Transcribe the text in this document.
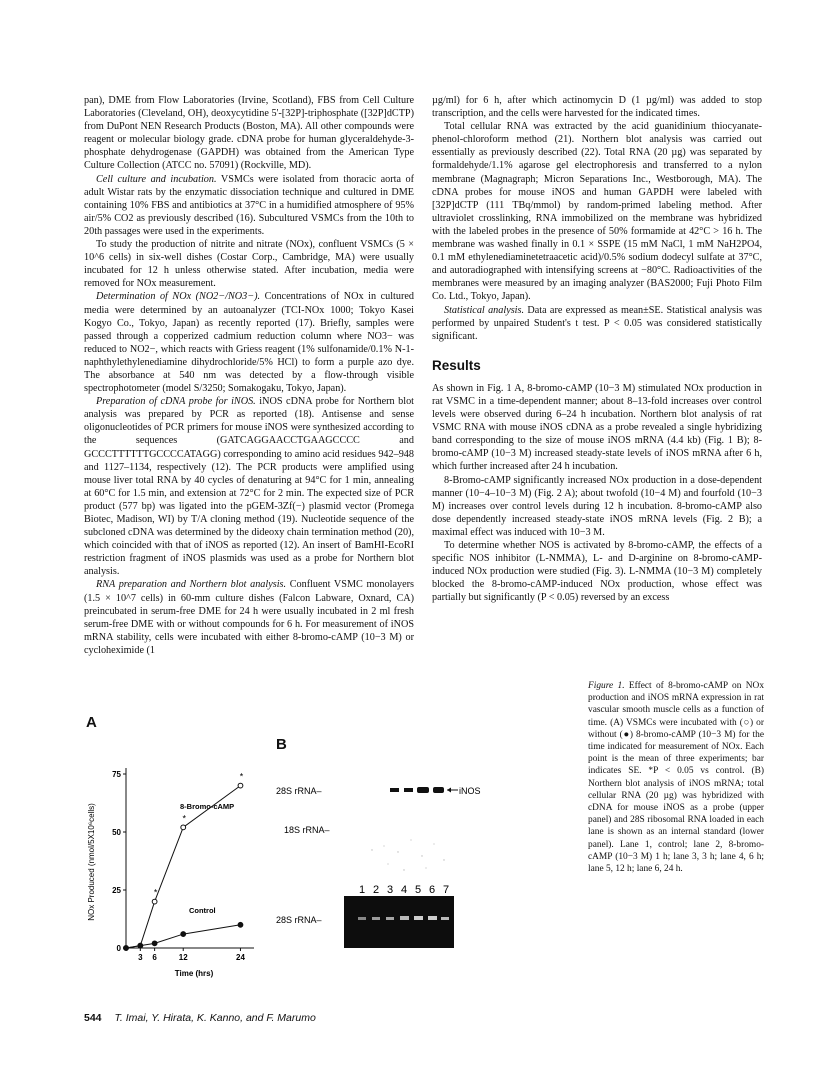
pan), DME from Flow Laboratories (Irvine, Scotland), FBS from Cell Culture Laboratories (Cleveland, OH), deoxycytidine 5'-[32P]-triphosphate ([32P]dCTP) from DuPont NEN Research Products (Boston, MA). All other compounds were reagent or molecular biology grade. cDNA probe for human glyceraldehyde-3-phosphate dehydrogenase (GAPDH) was obtained from the American Type Culture Collection (ATCC no. 57091) (Rockville, MD).

Cell culture and incubation. VSMCs were isolated from thoracic aorta of adult Wistar rats by the enzymatic dissociation technique and cultured in DME containing 10% FBS and antibiotics at 37°C in a humidified atmosphere of 95% air/5% CO2 as previously described (16). Subcultured VSMCs from the 10th to 20th passages were used in the experiments.

To study the production of nitrite and nitrate (NOx), confluent VSMCs (5 × 10^6 cells) in six-well dishes (Costar Corp., Cambridge, MA) were usually incubated for 12 h unless otherwise stated. After incubation, media were removed for NOx measurement.

Determination of NOx (NO2−/NO3−). Concentrations of NOx in cultured media were determined by an autoanalyzer (TCI-NOx 1000; Tokyo Kasei Kogyo Co., Tokyo, Japan) as recently reported (17). Briefly, samples were passed through a copperized cadmium reduction column where NO3− was reduced to NO2−, which reacts with Griess reagent (1% sulfonamide/0.1% N-1-naphthylethylenediamine dihydrochloride/5% HCl) to form a purple azo dye. The absorbance at 540 nm was detected by a flow-through visible spectrophotometer (model S/3250; Somakogaku, Tokyo, Japan).

Preparation of cDNA probe for iNOS. iNOS cDNA probe for Northern blot analysis was prepared by PCR as reported (18). Antisense and sense oligonucleotides of PCR primers for mouse iNOS were synthesized according to the sequences (GATCAGGAACCTGAAGCCCC and GCCCTTTTTTGCCCCATAGG) corresponding to amino acid residues 942–948 and 1127–1134, respectively (12). The PCR products were amplified using mouse liver total RNA by 40 cycles of denaturing at 94°C for 1 min, annealing at 60°C for 1.5 min, and extension at 72°C for 2 min. The expected size of PCR product (577 bp) was ligated into the pGEM-3Zf(−) plasmid vector (Promega Biotec, Madison, WI) by T/A cloning method (19). Nucleotide sequence of the subcloned cDNA was determined by the dideoxy chain termination method (20), which coincided with that of iNOS as reported (12). An insert of BamHI-EcoRI restriction fragment of iNOS plasmids was used as a probe for Northern blot analysis.

RNA preparation and Northern blot analysis. Confluent VSMC monolayers (1.5 × 10^7 cells) in 60-mm culture dishes (Falcon Labware, Oxnard, CA) preincubated in serum-free DME for 24 h were usually incubated in 2 ml fresh serum-free DME with or without compounds for 6 h. For measurement of iNOS mRNA stability, cells were incubated with either 8-bromo-cAMP (10−3 M) or cycloheximide (1

µg/ml) for 6 h, after which actinomycin D (1 µg/ml) was added to stop transcription, and the cells were harvested for the indicated times.

Total cellular RNA was extracted by the acid guanidinium thiocyanate-phenol-chloroform method (21). Northern blot analysis was carried out essentially as previously described (22). Total RNA (20 µg) was separated by formaldehyde/1.1% agarose gel electrophoresis and transferred to a nylon membrane (Magnagraph; Micron Separations Inc., Westborough, MA). The cDNA probes for mouse iNOS and human GAPDH were labeled with [32P]dCTP (111 TBq/mmol) by random-primed labeling method. After ultraviolet crosslinking, RNA immobilized on the membrane was hybridized with the labeled probes in the presence of 50% formamide at 42°C > 16 h. The membrane was washed finally in 0.1 × SSPE (15 mM NaCl, 1 mM NaH2PO4, 0.1 mM ethylenediaminetetraacetic acid)/0.5% sodium dodecyl sulfate at 37°C, and autoradiographed with intensifying screens at −80°C. Radioactivities of the membranes were measured by an imaging analyzer (BAS2000; Fuji Photo Film Co. Ltd., Tokyo, Japan).

Statistical analysis. Data are expressed as mean±SE. Statistical analysis was performed by unpaired Student's t test. P < 0.05 was considered statistically significant.

Results

As shown in Fig. 1 A, 8-bromo-cAMP (10−3 M) stimulated NOx production in rat VSMC in a time-dependent manner; about 8–13-fold increases over control levels were observed during 6–24 h incubation. Northern blot analysis of rat VSMC RNA with mouse iNOS cDNA as a probe revealed a single hybridizing band corresponding to the size of mouse iNOS mRNA (4.4 kb) (Fig. 1 B); 8-bromo-cAMP (10−3 M) increased steady-state levels of iNOS mRNA after 6 h, which further increased after 24 h incubation.

8-Bromo-cAMP significantly increased NOx production in a dose-dependent manner (10−4–10−3 M) (Fig. 2 A); about twofold (10−4 M) and fourfold (10−3 M) increases over control levels during 12 h incubation. 8-bromo-cAMP also dose dependently increased steady-state iNOS mRNA levels (Fig. 2 B); a maximal effect was induced with 10−3 M.

To determine whether NOS is activated by 8-bromo-cAMP, the effects of a specific NOS inhibitor (L-NMMA), L- and D-arginine on 8-bromo-cAMP-induced NOx production were studied (Fig. 3). L-NMMA (10−3 M) completely blocked the 8-bromo-cAMP-induced NOx production, whose effect was partially but significantly (P < 0.05) reversed by an excess

A
0
25
50
75
3 6	12	24
*
*
*
8-Bromo-cAMP
Control
NOx Produced (nmol/5X10⁶cells)
Time (hrs)
B
28S rRNA–	iNOS
18S rRNA–
1 2 3 4 5 6 7
28S rRNA–
Figure 1. Effect of 8-bromo-cAMP on NOx production and iNOS mRNA expression in rat vascular smooth muscle cells as a function of time. (A) VSMCs were incubated with (○) or without (●) 8-bromo-cAMP (10−3 M) for the time indicated for measurement of NOx. Each point is the mean of three experiments; bar indicates SE. *P < 0.05 vs control. (B) Northern blot analysis of iNOS mRNA; total cellular RNA (20 µg) was hybridized with cDNA for mouse iNOS as a probe (upper panel) and 28S ribosomal RNA loaded in each lane is shown as an internal standard (lower panel). Lane 1, control; lane 2, 8-bromo-cAMP (10−3 M) 1 h; lane 3, 3 h; lane 4, 6 h; lane 5, 12 h; lane 6, 24 h.
544 T. Imai, Y. Hirata, K. Kanno, and F. Marumo
